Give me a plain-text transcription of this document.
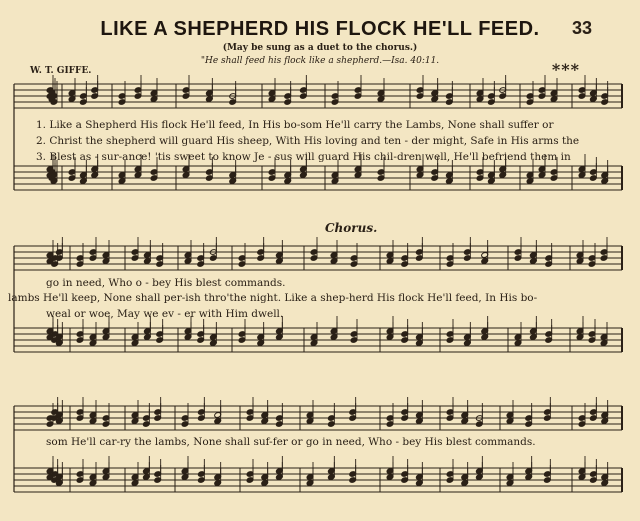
LIKE A SHEPHERD HIS FLOCK HE'LL FEED.	33
(May be sung as a duet to the chorus.)
"He shall feed his flock like a shepherd.—Isa. 40:11.
W. T. GIFFE.	***
Chorus.
1. Like a Shepherd His flock He'll feed, In His bo-som He'll carry the Lambs, None shall suffer or
2. Christ the shepherd will guard His sheep, With His loving and ten - der might, Safe in His arms the
3. Blest as - sur-ance! 'tis sweet to know Je - sus will guard His chil-dren well, He'll befriend them in
go in need, Who o - bey His blest commands.
lambs He'll keep, None shall per-ish thro'the night. Like a shep-herd His flock He'll feed, In His bo-
weal or woe, May we ev - er with Him dwell.
som He'll car-ry the lambs, None shall suf-fer or go in need, Who - bey His blest commands.
